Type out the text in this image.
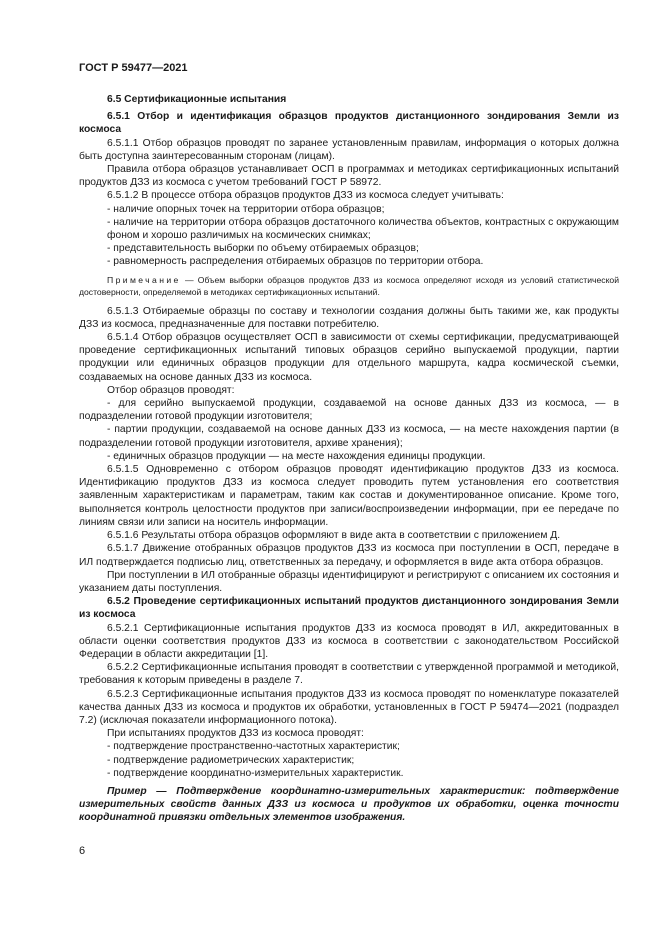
ГОСТ Р 59477—2021

6.5 Сертификационные испытания

6.5.1 Отбор и идентификация образцов продуктов дистанционного зондирования Земли из космоса

6.5.1.1 Отбор образцов проводят по заранее установленным правилам, информация о которых должна быть доступна заинтересованным сторонам (лицам).

Правила отбора образцов устанавливает ОСП в программах и методиках сертификационных испытаний продуктов ДЗЗ из космоса с учетом требований ГОСТ Р 58972.

6.5.1.2 В процессе отбора образцов продуктов ДЗЗ из космоса следует учитывать:

- наличие опорных точек на территории отбора образцов;

- наличие на территории отбора образцов достаточного количества объектов, контрастных с окружающим фоном и хорошо различимых на космических снимках;

- представительность выборки по объему отбираемых образцов;

- равномерность распределения отбираемых образцов по территории отбора.

Примечание — Объем выборки образцов продуктов ДЗЗ из космоса определяют исходя из условий статистической достоверности, определяемой в методиках сертификационных испытаний.

6.5.1.3 Отбираемые образцы по составу и технологии создания должны быть такими же, как продукты ДЗЗ из космоса, предназначенные для поставки потребителю.

6.5.1.4 Отбор образцов осуществляет ОСП в зависимости от схемы сертификации, предусматривающей проведение сертификационных испытаний типовых образцов серийно выпускаемой продукции, партии продукции или единичных образцов продукции для отдельного маршрута, кадра космической съемки, создаваемых на основе данных ДЗЗ из космоса.

Отбор образцов проводят:

- для серийно выпускаемой продукции, создаваемой на основе данных ДЗЗ из космоса, — в подразделении готовой продукции изготовителя;

- партии продукции, создаваемой на основе данных ДЗЗ из космоса, — на месте нахождения партии (в подразделении готовой продукции изготовителя, архиве хранения);

- единичных образцов продукции — на месте нахождения единицы продукции.

6.5.1.5 Одновременно с отбором образцов проводят идентификацию продуктов ДЗЗ из космоса. Идентификацию продуктов ДЗЗ из космоса следует проводить путем установления его соответствия заявленным характеристикам и параметрам, таким как состав и документированное описание. Кроме того, выполняется контроль целостности продуктов при записи/воспроизведении информации, при ее передаче по линиям связи или записи на носитель информации.

6.5.1.6 Результаты отбора образцов оформляют в виде акта в соответствии с приложением Д.

6.5.1.7 Движение отобранных образцов продуктов ДЗЗ из космоса при поступлении в ОСП, передаче в ИЛ подтверждается подписью лиц, ответственных за передачу, и оформляется в виде акта отбора образцов.

При поступлении в ИЛ отобранные образцы идентифицируют и регистрируют с описанием их состояния и указанием даты поступления.

6.5.2 Проведение сертификационных испытаний продуктов дистанционного зондирования Земли из космоса

6.5.2.1 Сертификационные испытания продуктов ДЗЗ из космоса проводят в ИЛ, аккредитованных в области оценки соответствия продуктов ДЗЗ из космоса в соответствии с законодательством Российской Федерации в области аккредитации [1].

6.5.2.2 Сертификационные испытания проводят в соответствии с утвержденной программой и методикой, требования к которым приведены в разделе 7.

6.5.2.3 Сертификационные испытания продуктов ДЗЗ из космоса проводят по номенклатуре показателей качества данных ДЗЗ из космоса и продуктов их обработки, установленных в ГОСТ Р 59474—2021 (подраздел 7.2) (исключая показатели информационного потока).

При испытаниях продуктов ДЗЗ из космоса проводят:

- подтверждение пространственно-частотных характеристик;

- подтверждение радиометрических характеристик;

- подтверждение координатно-измерительных характеристик.

Пример — Подтверждение координатно-измерительных характеристик: подтверждение измерительных свойств данных ДЗЗ из космоса и продуктов их обработки, оценка точности координатной привязки отдельных элементов изображения.

6
